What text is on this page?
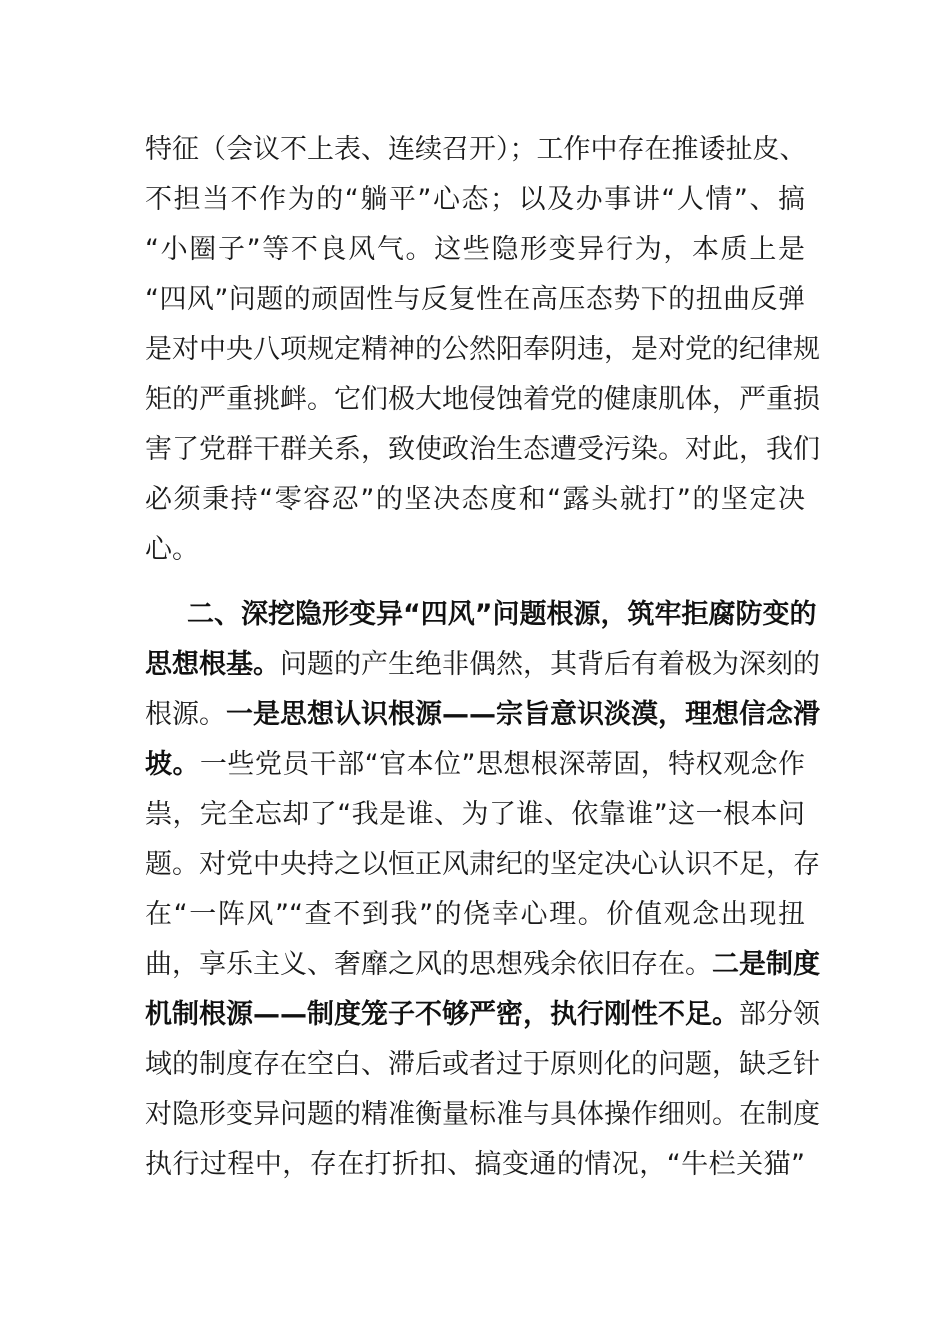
特征（会议不上表、连续召开）；工作中存在推诿扯皮、
不担当不作为的“躺平”心态；以及办事讲“人情”、搞
“小圈子”等不良风气。这些隐形变异行为，本质上是
“四风”问题的顽固性与反复性在高压态势下的扭曲反弹
是对中央八项规定精神的公然阳奉阴违，是对党的纪律规
矩的严重挑衅。它们极大地侵蚀着党的健康肌体，严重损
害了党群干群关系，致使政治生态遭受污染。对此，我们
必须秉持“零容忍”的坚决态度和“露头就打”的坚定决
心。
二、深挖隐形变异“四风”问题根源，筑牢拒腐防变的
思想根基。问题的产生绝非偶然，其背后有着极为深刻的
根源。一是思想认识根源——宗旨意识淡漠，理想信念滑
坡。一些党员干部“官本位”思想根深蒂固，特权观念作
祟，完全忘却了“我是谁、为了谁、依靠谁”这一根本问
题。对党中央持之以恒正风肃纪的坚定决心认识不足，存
在“一阵风”“查不到我”的侥幸心理。价值观念出现扭
曲，享乐主义、奢靡之风的思想残余依旧存在。二是制度
机制根源——制度笼子不够严密，执行刚性不足。部分领
域的制度存在空白、滞后或者过于原则化的问题，缺乏针
对隐形变异问题的精准衡量标准与具体操作细则。在制度
执行过程中，存在打折扣、搞变通的情况，“牛栏关猫”
